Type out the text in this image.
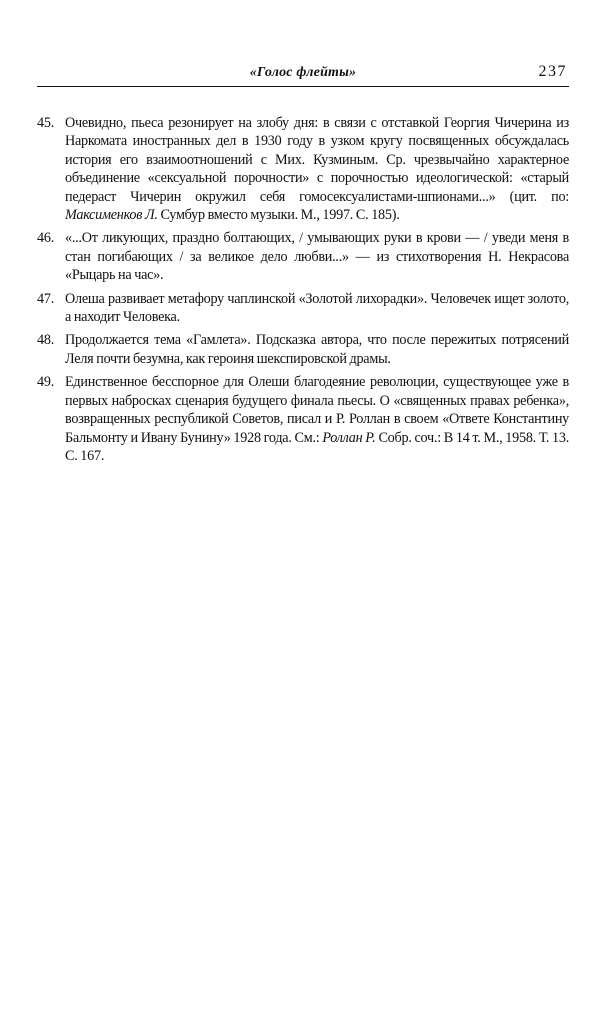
«Голос флейты»	237

45. Очевидно, пьеса резонирует на злобу дня: в связи с отставкой Георгия Чичерина из Наркомата иностранных дел в 1930 году в узком кругу посвященных обсуждалась история его взаимоотношений с Мих. Кузминым. Ср. чрезвычайно характерное объединение «сексуальной порочности» с порочностью идеологической: «старый педераст Чичерин окружил себя гомосексуалистами-шпионами...» (цит. по: Максименков Л. Сумбур вместо музыки. М., 1997. С. 185).

46. «...От ликующих, праздно болтающих, / умывающих руки в крови — / уведи меня в стан погибающих / за великое дело любви...» — из стихотворения Н. Некрасова «Рыцарь на час».

47. Олеша развивает метафору чаплинской «Золотой лихорадки». Человечек ищет золото, а находит Человека.

48. Продолжается тема «Гамлета». Подсказка автора, что после пережитых потрясений Леля почти безумна, как героиня шекспировской драмы.

49. Единственное бесспорное для Олеши благодеяние революции, существующее уже в первых набросках сценария будущего финала пьесы. О «священных правах ребенка», возвращенных республикой Советов, писал и Р. Роллан в своем «Ответе Константину Бальмонту и Ивану Бунину» 1928 года. См.: Роллан Р. Собр. соч.: В 14 т. М., 1958. Т. 13. С. 167.
